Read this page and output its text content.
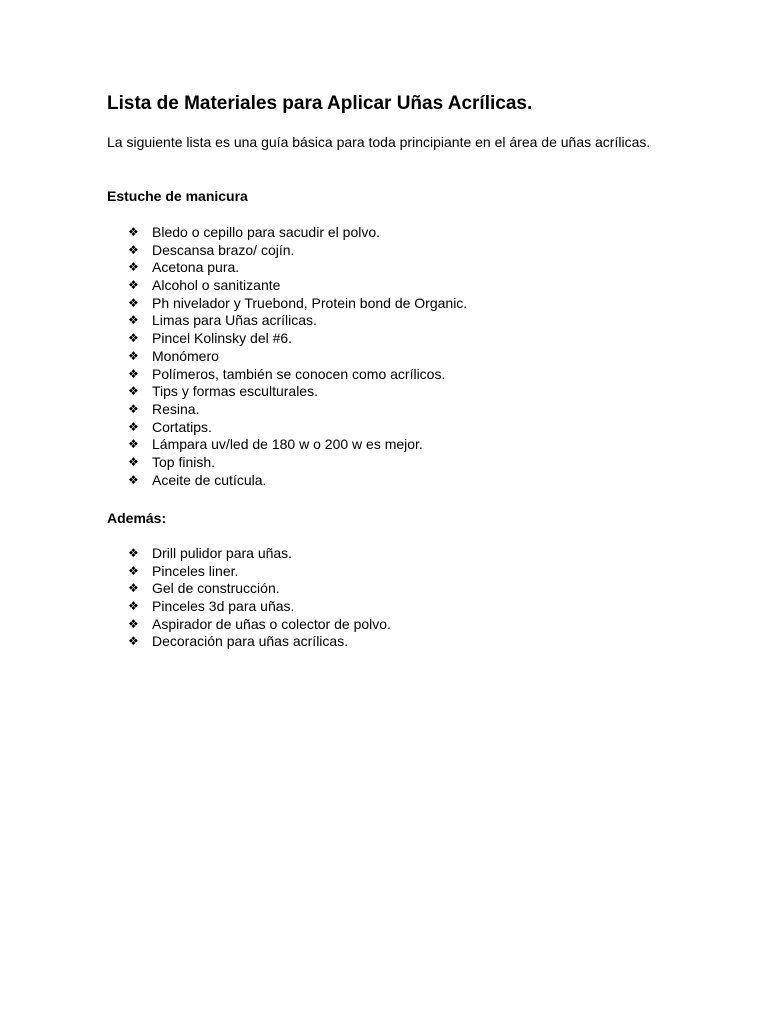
Lista de Materiales para Aplicar Uñas Acrílicas.

La siguiente lista es una guía básica para toda principiante en el área de uñas acrílicas.

Estuche de manicura
❖ Bledo o cepillo para sacudir el polvo.
❖ Descansa brazo/ cojín.
❖ Acetona pura.
❖ Alcohol o sanitizante
❖ Ph nivelador y Truebond, Protein bond de Organic.
❖ Limas para Uñas acrílicas.
❖ Pincel Kolinsky del #6.
❖ Monómero
❖ Polímeros, también se conocen como acrílicos.
❖ Tips y formas esculturales.
❖ Resina.
❖ Cortatips.
❖ Lámpara uv/led de 180 w o 200 w es mejor.
❖ Top finish.
❖ Aceite de cutícula.
Además:
❖ Drill pulidor para uñas.
❖ Pinceles liner.
❖ Gel de construcción.
❖ Pinceles 3d para uñas.
❖ Aspirador de uñas o colector de polvo.
❖ Decoración para uñas acrílicas.
